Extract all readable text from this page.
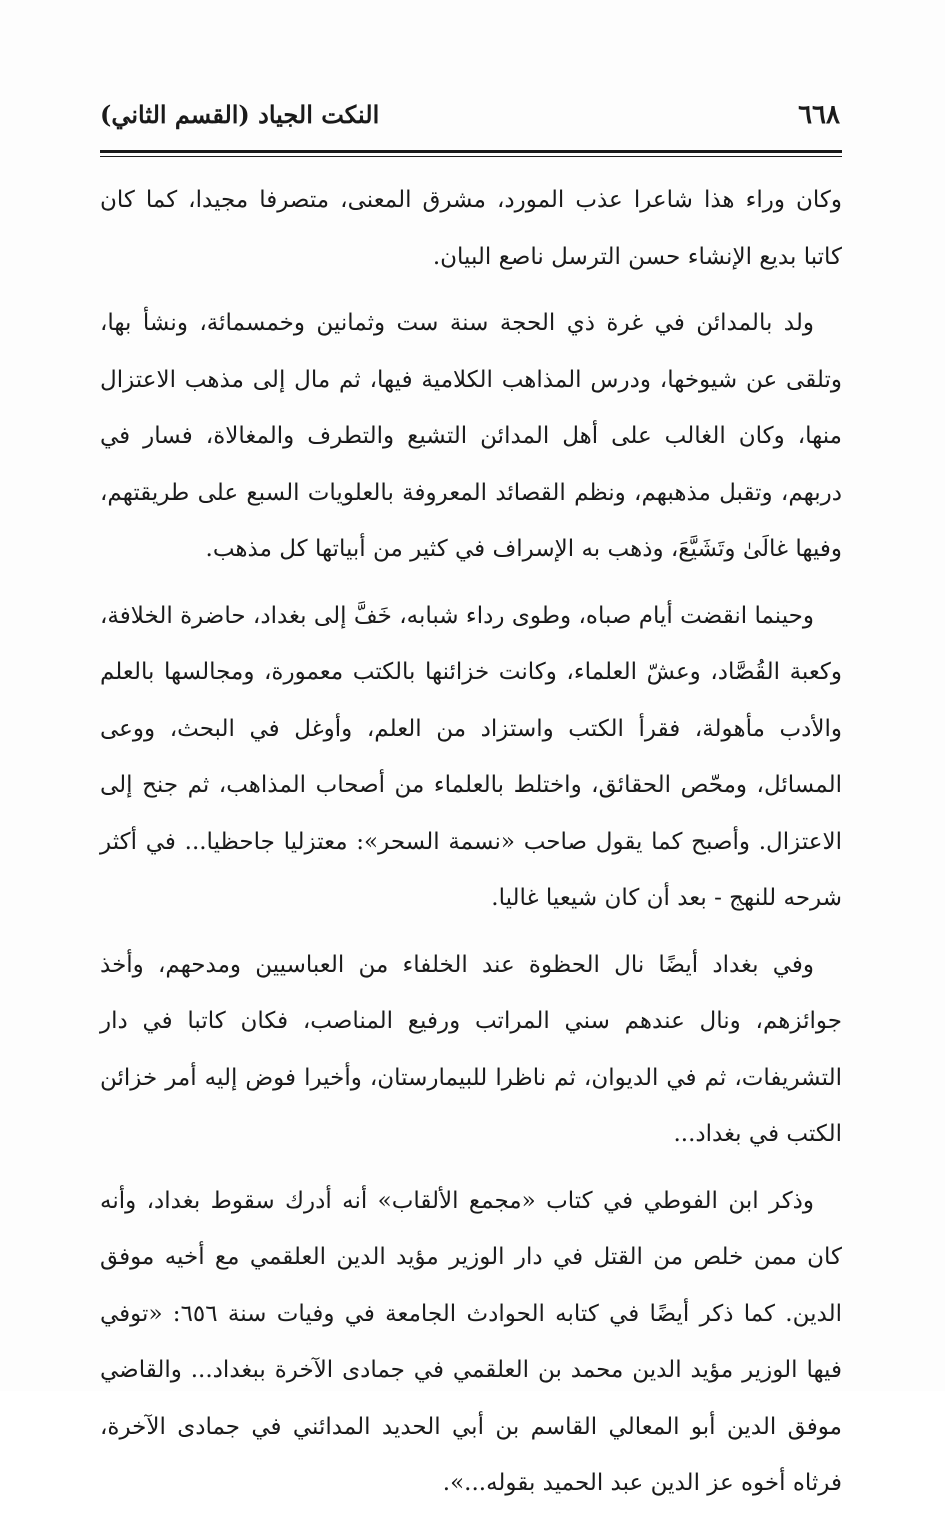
٦٦٨
النكت الجياد (القسم الثاني)

وكان وراء هذا شاعرا عذب المورد، مشرق المعنى، متصرفا مجيدا، كما كان كاتبا بديع الإنشاء حسن الترسل ناصع البيان.

ولد بالمدائن في غرة ذي الحجة سنة ست وثمانين وخمسمائة، ونشأ بها، وتلقى عن شيوخها، ودرس المذاهب الكلامية فيها، ثم مال إلى مذهب الاعتزال منها، وكان الغالب على أهل المدائن التشيع والتطرف والمغالاة، فسار في دربهم، وتقبل مذهبهم، ونظم القصائد المعروفة بالعلويات السبع على طريقتهم، وفيها غالَىٰ وتَشَيَّعَ، وذهب به الإسراف في كثير من أبياتها كل مذهب.

وحينما انقضت أيام صباه، وطوى رداء شبابه، خَفَّ إلى بغداد، حاضرة الخلافة، وكعبة القُصَّاد، وعشّ العلماء، وكانت خزائنها بالكتب معمورة، ومجالسها بالعلم والأدب مأهولة، فقرأ الكتب واستزاد من العلم، وأوغل في البحث، ووعى المسائل، ومحّص الحقائق، واختلط بالعلماء من أصحاب المذاهب، ثم جنح إلى الاعتزال. وأصبح كما يقول صاحب «نسمة السحر»: معتزليا جاحظيا... في أكثر شرحه للنهج - بعد أن كان شيعيا غاليا.

وفي بغداد أيضًا نال الحظوة عند الخلفاء من العباسيين ومدحهم، وأخذ جوائزهم، ونال عندهم سني المراتب ورفيع المناصب، فكان كاتبا في دار التشريفات، ثم في الديوان، ثم ناظرا للبيمارستان، وأخيرا فوض إليه أمر خزائن الكتب في بغداد...

وذكر ابن الفوطي في كتاب «مجمع الألقاب» أنه أدرك سقوط بغداد، وأنه كان ممن خلص من القتل في دار الوزير مؤيد الدين العلقمي مع أخيه موفق الدين. كما ذكر أيضًا في كتابه الحوادث الجامعة في وفيات سنة ٦٥٦: «توفي فيها الوزير مؤيد الدين محمد بن العلقمي في جمادى الآخرة ببغداد... والقاضي موفق الدين أبو المعالي القاسم بن أبي الحديد المدائني في جمادى الآخرة، فرثاه أخوه عز الدين عبد الحميد بقوله...».
